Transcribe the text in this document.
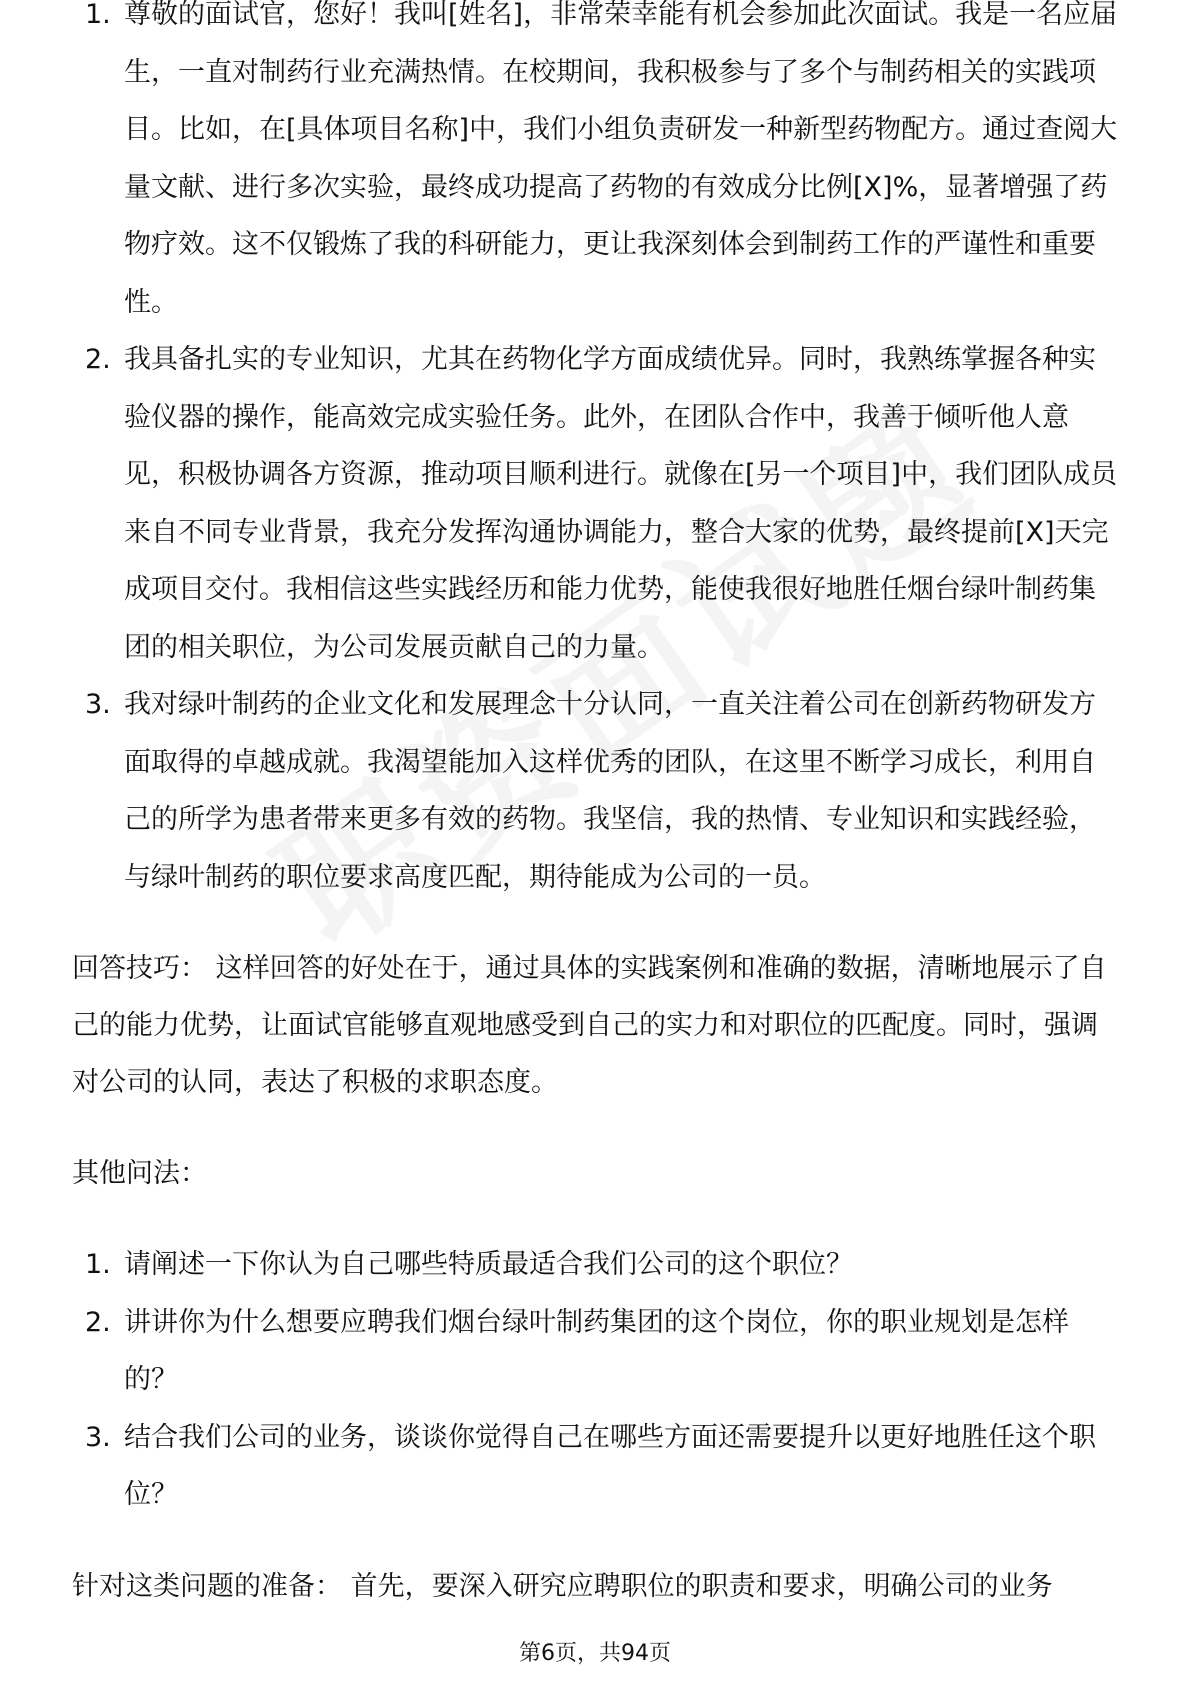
1. 尊敬的面试官，您好！我叫[姓名]，非常荣幸能有机会参加此次面试。我是一名应届生，一直对制药行业充满热情。在校期间，我积极参与了多个与制药相关的实践项目。比如，在[具体项目名称]中，我们小组负责研发一种新型药物配方。通过查阅大量文献、进行多次实验，最终成功提高了药物的有效成分比例[X]%，显著增强了药物疗效。这不仅锻炼了我的科研能力，更让我深刻体会到制药工作的严谨性和重要性。
2. 我具备扎实的专业知识，尤其在药物化学方面成绩优异。同时，我熟练掌握各种实验仪器的操作，能高效完成实验任务。此外，在团队合作中，我善于倾听他人意见，积极协调各方资源，推动项目顺利进行。就像在[另一个项目]中，我们团队成员来自不同专业背景，我充分发挥沟通协调能力，整合大家的优势，最终提前[X]天完成项目交付。我相信这些实践经历和能力优势，能使我很好地胜任烟台绿叶制药集团的相关职位，为公司发展贡献自己的力量。
3. 我对绿叶制药的企业文化和发展理念十分认同，一直关注着公司在创新药物研发方面取得的卓越成就。我渴望能加入这样优秀的团队，在这里不断学习成长，利用自己的所学为患者带来更多有效的药物。我坚信，我的热情、专业知识和实践经验，与绿叶制药的职位要求高度匹配，期待能成为公司的一员。

回答技巧： 这样回答的好处在于，通过具体的实践案例和准确的数据，清晰地展示了自己的能力优势，让面试官能够直观地感受到自己的实力和对职位的匹配度。同时，强调对公司的认同，表达了积极的求职态度。

其他问法：

1. 请阐述一下你认为自己哪些特质最适合我们公司的这个职位？
2. 讲讲你为什么想要应聘我们烟台绿叶制药集团的这个岗位，你的职业规划是怎样的？
3. 结合我们公司的业务，谈谈你觉得自己在哪些方面还需要提升以更好地胜任这个职位？

针对这类问题的准备： 首先，要深入研究应聘职位的职责和要求，明确公司的业务

第6页，共94页
